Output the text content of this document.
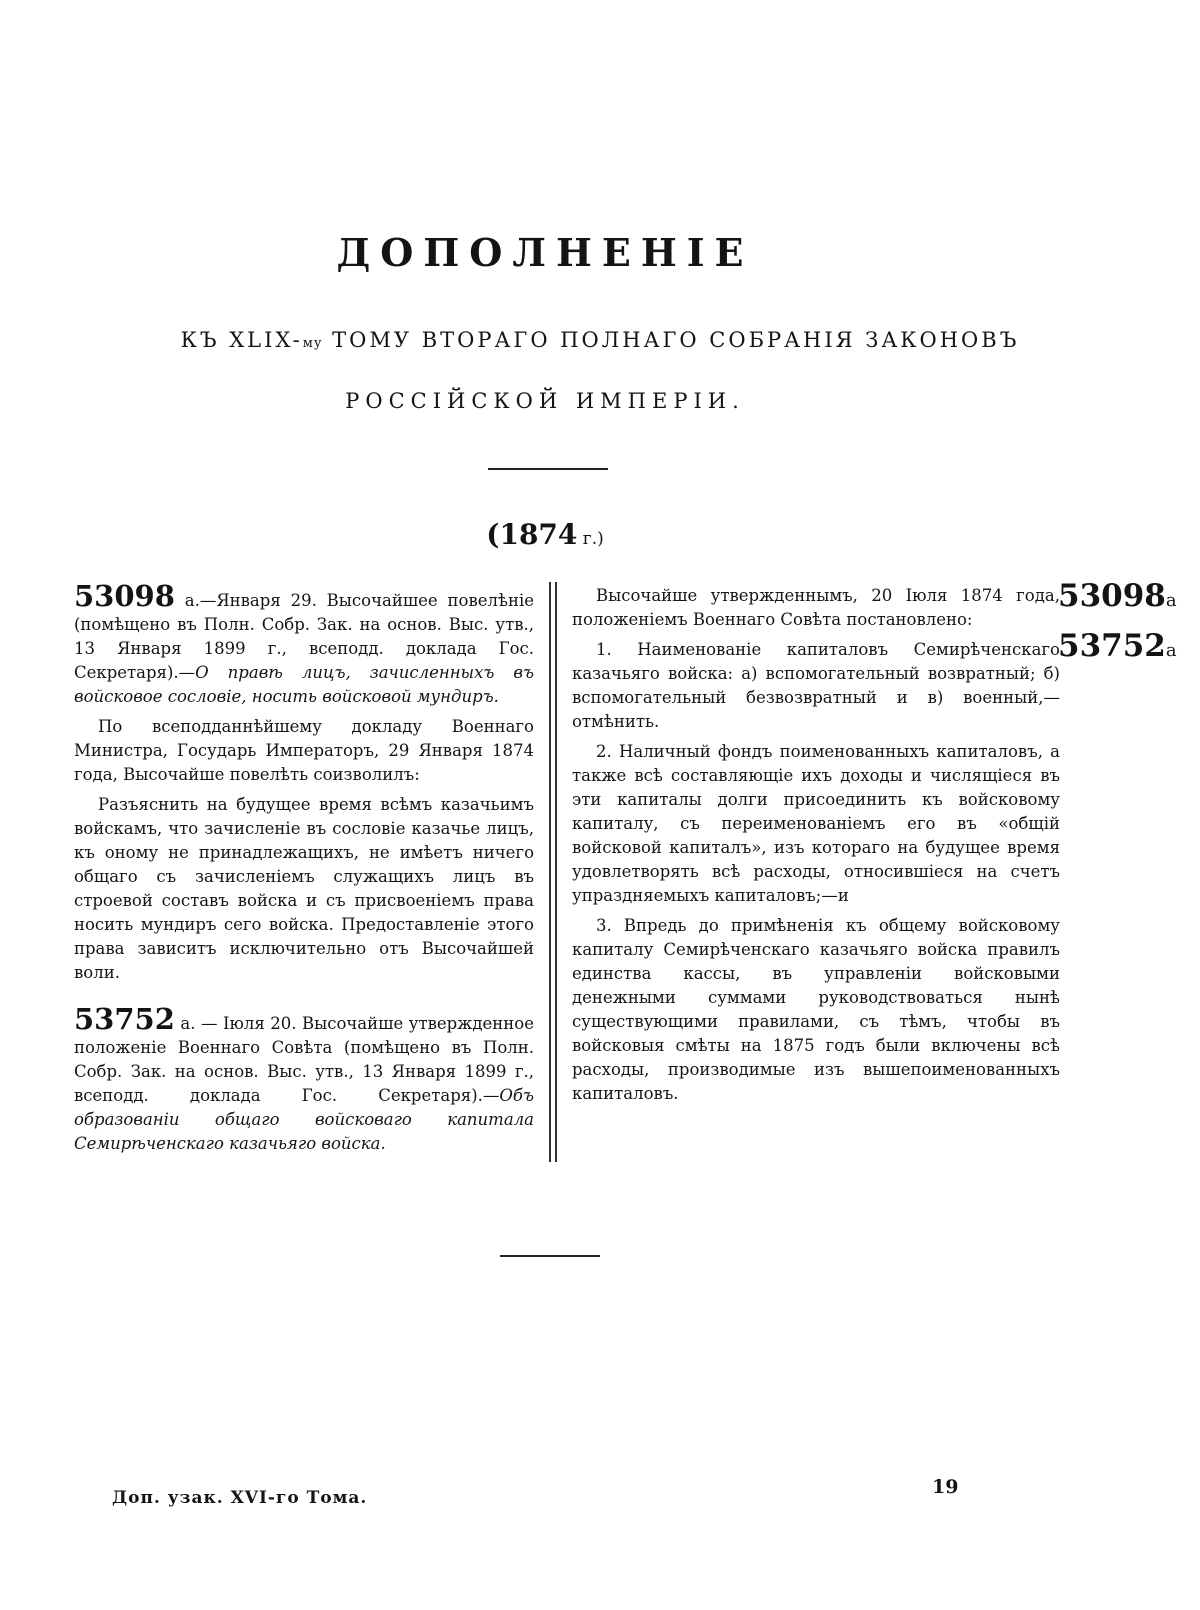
ДОПОЛНЕНІЕ

КЪ XLIX-му ТОМУ ВТОРАГО ПОЛНАГО СОБРАНІЯ ЗАКОНОВЪ

РОССІЙСКОЙ ИМПЕРІИ.

(1874 г.)

53098 а.—Января 29. Высочайшее повелѣніе (помѣщено въ Полн. Собр. Зак. на основ. Выс. утв., 13 Января 1899 г., всеподд. доклада Гос. Секретаря).—О правѣ лицъ, зачисленныхъ въ войсковое сословіе, носить войсковой мундиръ.

По всеподданнѣйшему докладу Военнаго Министра, Государь Императоръ, 29 Января 1874 года, Высочайше повелѣть соизволилъ:

Разъяснить на будущее время всѣмъ казачьимъ войскамъ, что зачисленіе въ сословіе казачье лицъ, къ оному не принадлежащихъ, не имѣетъ ничего общаго съ зачисленіемъ служащихъ лицъ въ строевой составъ войска и съ присвоеніемъ права носить мундиръ сего войска. Предоставленіе этого права зависитъ исключительно отъ Высочайшей воли.

53752 а. — Іюля 20. Высочайше утвержденное положеніе Военнаго Совѣта (помѣщено въ Полн. Собр. Зак. на основ. Выс. утв., 13 Января 1899 г., всеподд. доклада Гос. Секретаря).—Объ образованіи общаго войсковаго капитала Семирѣченскаго казачьяго войска.

Высочайше утвержденнымъ, 20 Іюля 1874 года, положеніемъ Военнаго Совѣта постановлено:

1. Наименованіе капиталовъ Семирѣченскаго казачьяго войска: а) вспомогательный возвратный; б) вспомогательный безвозвратный и в) военный,—отмѣнить.

2. Наличный фондъ поименованныхъ капиталовъ, а также всѣ составляющіе ихъ доходы и числящіеся въ эти капиталы долги присоединить къ войсковому капиталу, съ переименованіемъ его въ «общій войсковой капиталъ», изъ котораго на будущее время удовлетворять всѣ расходы, относившіеся на счетъ упраздняемыхъ капиталовъ;—и

3. Впредь до примѣненія къ общему войсковому капиталу Семирѣченскаго казачьяго войска правилъ единства кассы, въ управленіи войсковыми денежными суммами руководствоваться нынѣ существующими правилами, съ тѣмъ, чтобы въ войсковыя смѣты на 1875 годъ были включены всѣ расходы, производимые изъ вышепоименованныхъ капиталовъ.

53098а
53752а

Доп. узак. XVI-го Тома.	19
